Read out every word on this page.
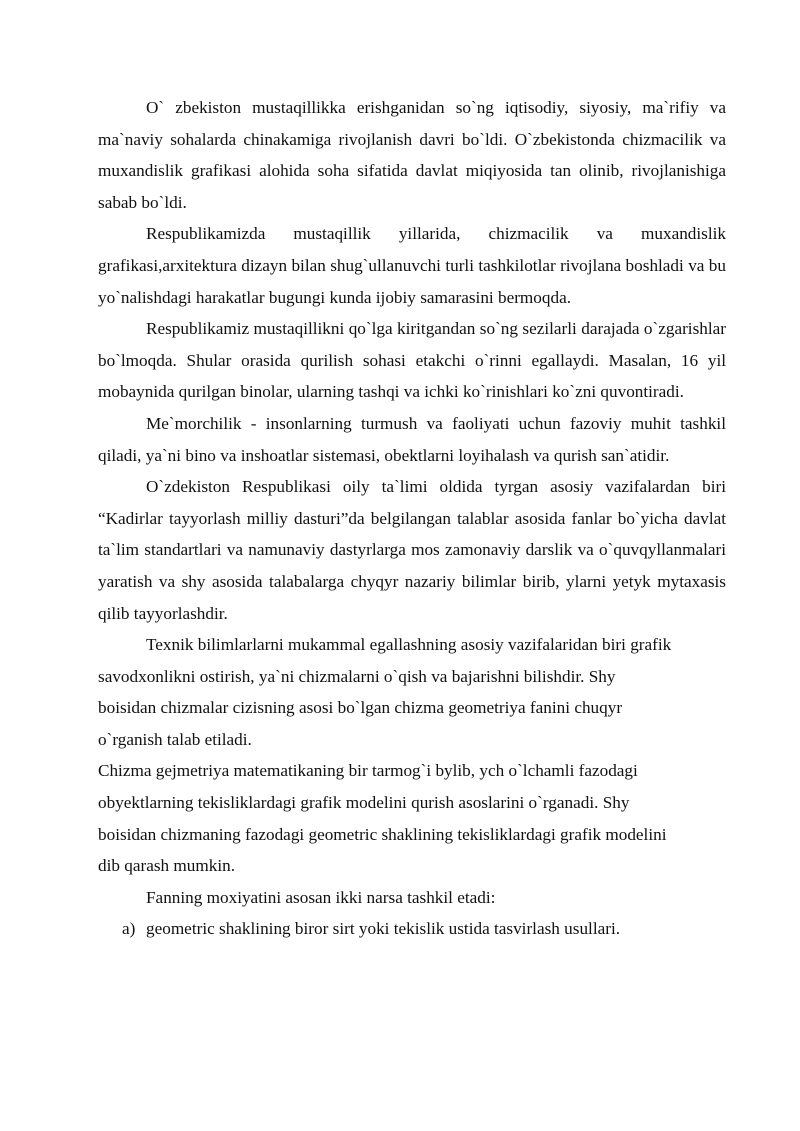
O` zbekiston mustaqillikka erishganidan so`ng iqtisodiy, siyosiy, ma`rifiy va ma`naviy sohalarda chinakamiga rivojlanish davri bo`ldi. O`zbekistonda chizmacilik va muxandislik grafikasi alohida soha sifatida davlat miqiyosida tan olinib, rivojlanishiga sabab bo`ldi.

Respublikamizda mustaqillik yillarida, chizmacilik va muxandislik grafikasi,arxitektura dizayn bilan shug`ullanuvchi turli tashkilotlar rivojlana boshladi va bu yo`nalishdagi harakatlar bugungi kunda ijobiy samarasini bermoqda.

Respublikamiz mustaqillikni qo`lga kiritgandan so`ng sezilarli darajada o`zgarishlar bo`lmoqda. Shular orasida qurilish sohasi etakchi o`rinni egallaydi. Masalan, 16 yil mobaynida qurilgan binolar, ularning tashqi va ichki ko`rinishlari ko`zni quvontiradi.

Me`morchilik - insonlarning turmush va faoliyati uchun fazoviy muhit tashkil qiladi, ya`ni bino va inshoatlar sistemasi, obektlarni loyihalash va qurish san`atidir.

O`zdekiston Respublikasi oily ta`limi oldida tyrgan asosiy vazifalardan biri “Kadirlar tayyorlash milliy dasturi”da belgilangan talablar asosida fanlar bo`yicha davlat ta`lim standartlari va namunaviy dastyrlarga mos zamonaviy darslik va o`quvqyllanmalari yaratish va shy asosida talabalarga chyqyr nazariy bilimlar birib, ylarni yetyk mytaxasis qilib tayyorlashdir.

Texnik bilimlarlarni mukammal egallashning asosiy vazifalaridan biri grafik

savodxonlikni ostirish, ya`ni chizmalarni o`qish va bajarishni bilishdir. Shy

boisidan chizmalar cizisning asosi bo`lgan chizma geometriya fanini chuqyr

o`rganish talab etiladi.

Chizma gejmetriya matematikaning bir tarmog`i bylib, ych o`lchamli fazodagi

obyektlarning tekisliklardagi grafik modelini qurish asoslarini o`rganadi. Shy

boisidan chizmaning fazodagi geometric shaklining tekisliklardagi grafik modelini

dib qarash mumkin.

Fanning moxiyatini asosan ikki narsa tashkil etadi:

a) geometric shaklining biror sirt yoki tekislik ustida tasvirlash usullari.
